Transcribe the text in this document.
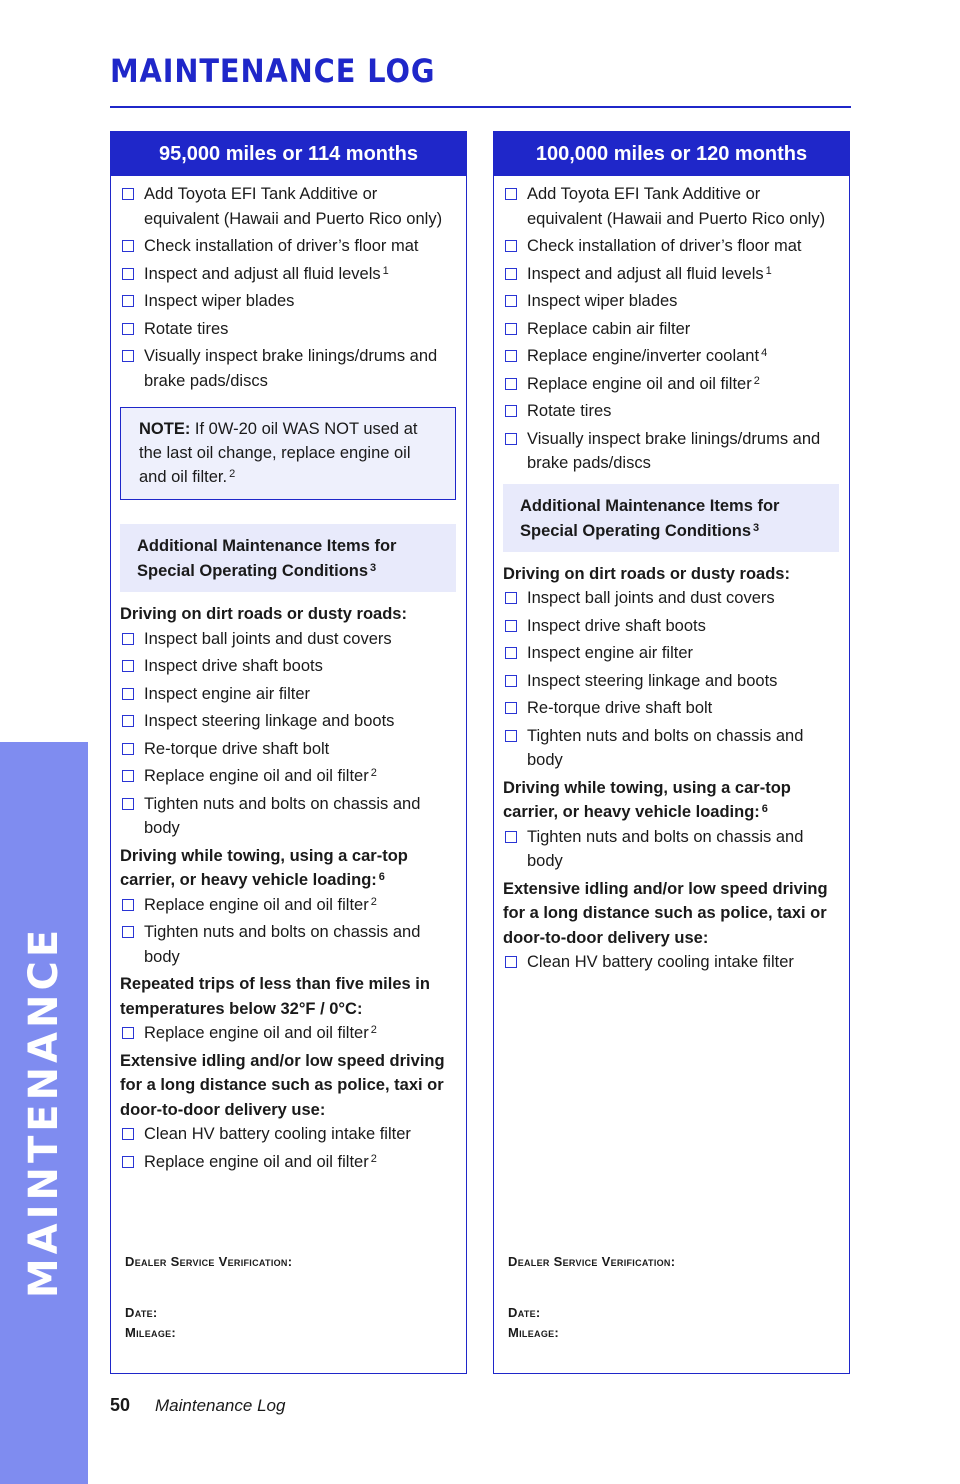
MAINTENANCE
MAINTENANCE LOG
95,000 miles or 114 months
Add Toyota EFI Tank Additive or equivalent (Hawaii and Puerto Rico only)
Check installation of driver’s floor mat
Inspect and adjust all fluid levels $^1$
Inspect wiper blades
Rotate tires
Visually inspect brake linings/drums and brake pads/discs
NOTE: If 0W-20 oil WAS NOT used at the last oil change, replace engine oil and oil filter. $^2$
Additional Maintenance Items for Special Operating Conditions $^3$
Driving on dirt roads or dusty roads:
Inspect ball joints and dust covers
Inspect drive shaft boots
Inspect engine air filter
Inspect steering linkage and boots
Re-torque drive shaft bolt
Replace engine oil and oil filter $^2$
Tighten nuts and bolts on chassis and body
Driving while towing, using a car-top carrier, or heavy vehicle loading: $^6$
Replace engine oil and oil filter $^2$
Tighten nuts and bolts on chassis and body
Repeated trips of less than five miles in temperatures below 32°F / 0°C:
Replace engine oil and oil filter $^2$
Extensive idling and/or low speed driving for a long distance such as police, taxi or door-to-door delivery use:
Clean HV battery cooling intake filter
Replace engine oil and oil filter $^2$
Dealer Service Verification:
Date:
Mileage:
100,000 miles or 120 months
Add Toyota EFI Tank Additive or equivalent (Hawaii and Puerto Rico only)
Check installation of driver’s floor mat
Inspect and adjust all fluid levels $^1$
Inspect wiper blades
Replace cabin air filter
Replace engine/inverter coolant $^4$
Replace engine oil and oil filter $^2$
Rotate tires
Visually inspect brake linings/drums and brake pads/discs
Additional Maintenance Items for Special Operating Conditions $^3$
Driving on dirt roads or dusty roads:
Inspect ball joints and dust covers
Inspect drive shaft boots
Inspect engine air filter
Inspect steering linkage and boots
Re-torque drive shaft bolt
Tighten nuts and bolts on chassis and body
Driving while towing, using a car-top carrier, or heavy vehicle loading: $^6$
Tighten nuts and bolts on chassis and body
Extensive idling and/or low speed driving for a long distance such as police, taxi or door-to-door delivery use:
Clean HV battery cooling intake filter
Dealer Service Verification:
Date:
Mileage:
50 Maintenance Log
